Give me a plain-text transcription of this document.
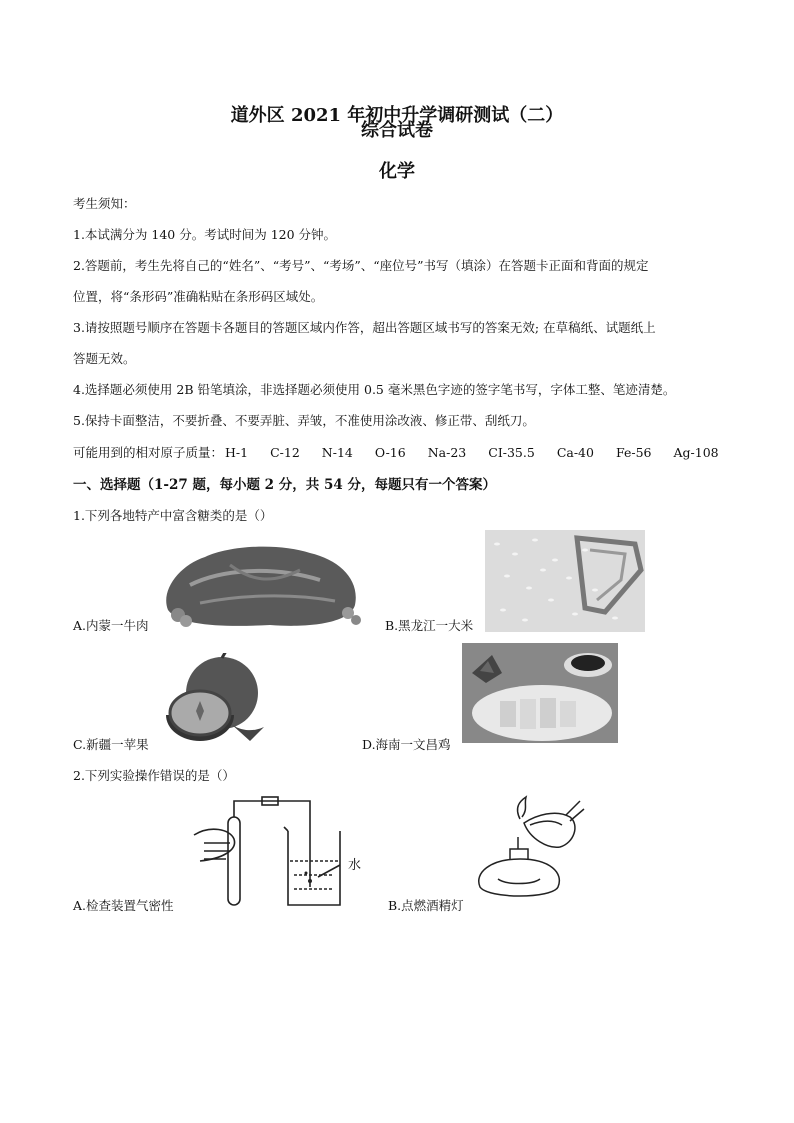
道外区 2021 年初中升学调研测试（二）
综合试卷
化学
考生须知：
1.本试满分为 140 分。考试时间为 120 分钟。
2.答题前，考生先将自己的“姓名”、“考号”、“考场”、“座位号”书写（填涂）在答题卡正面和背面的规定
位置，将“条形码”准确粘贴在条形码区域处。
3.请按照题号顺序在答题卡各题目的答题区域内作答，超出答题区域书写的答案无效; 在草稿纸、试题纸上
答题无效。
4.选择题必须使用 2B 铅笔填涂，非选择题必须使用 0.5 毫米黑色字迹的签字笔书写，字体工整、笔迹清楚。
5.保持卡面整洁，不要折叠、不要弄脏、弄皱，不准使用涂改液、修正带、刮纸刀。
可能用到的相对原子质量： H-1 C-12 N-14 O-16 Na-23 CI-35.5 Ca-40 Fe-56 Ag-108
一、选择题（1-27 题，每小题 2 分，共 54 分，每题只有一个答案）
1.下列各地特产中富含糖类的是（）
A.内蒙一牛肉	B.黑龙江一大米
C.新疆一苹果	D.海南一文昌鸡
2.下列实验操作错误的是（）
水
A.检查装置气密性	B.点燃酒精灯
